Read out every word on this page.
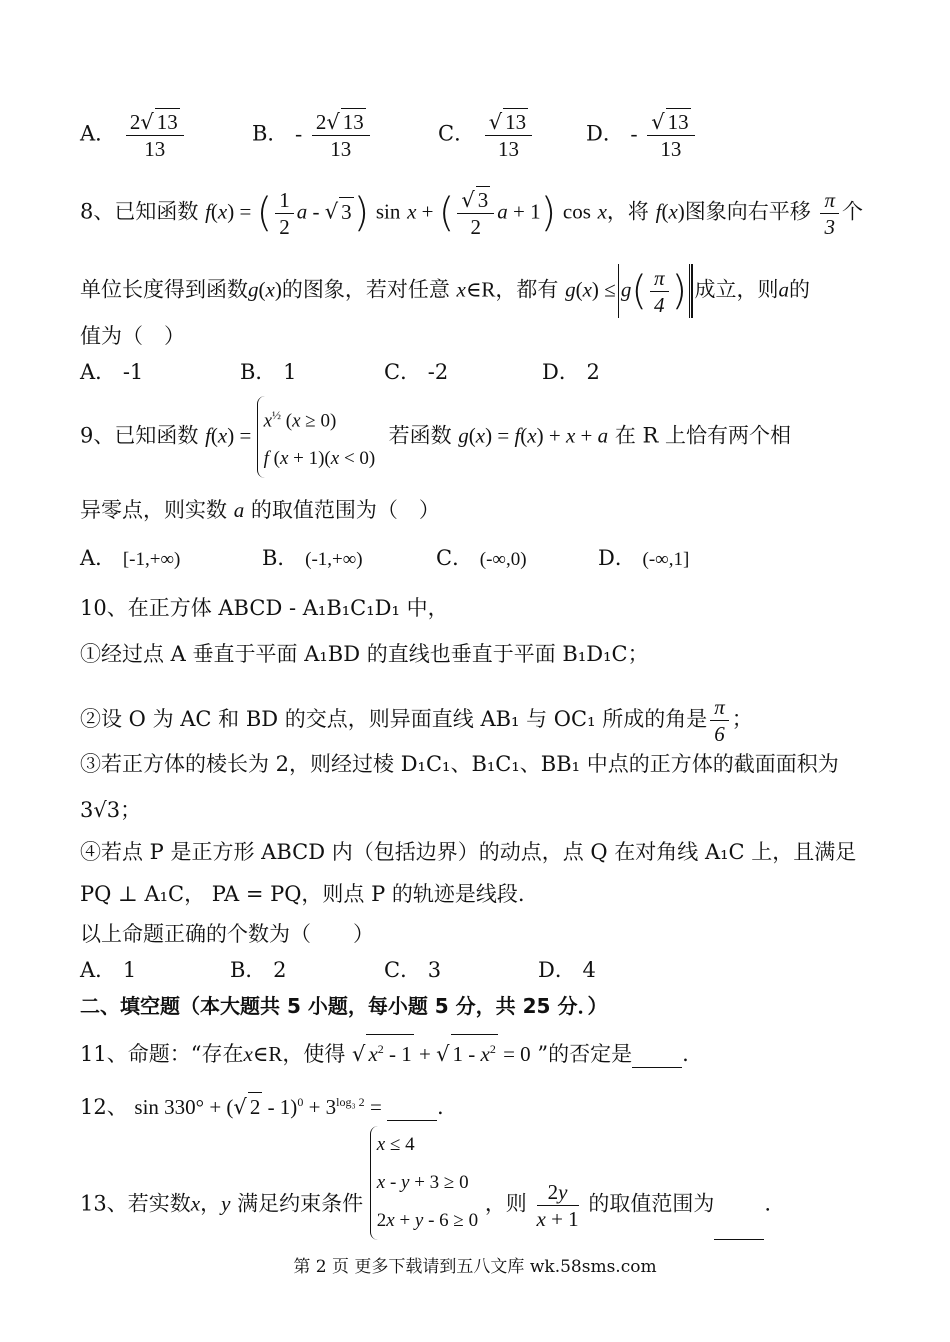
A． $\frac{2√ 13}{13}$	B． - $\frac{2√ 13}{13}$	C． $\frac{√ 13}{13}$	D． - $\frac{√ 13}{13}$
8、已知函数 f(x) = ( $\frac{1}{2}$ a - √ 3) sin x + ( $\frac{√ 3}{2}$ a + 1) cos x，将 f(x)图象向右平移 $\frac{\pi}{3}$ 个
单位长度得到函数g(x)的图象，若对任意 x∈R，都有 $g(x) \le g( \frac{\pi}{4}$ ) 成立，则a的
值为（　）
A． -1	B． 1	C． -2	D． 2
9、已知函数 f(x) =
$x^{\frac{1}{2}}$ (x ≥ 0)
f (x + 1)(x < 0)
若函数 g(x) = f(x) + x + a 在 R 上恰有两个相
异零点，则实数 a 的取值范围为（　）
A． [-1,+∞)	B． (-1,+∞)	C． (-∞,0)	D． (-∞,1]
10、在正方体 ABCD - A₁B₁C₁D₁ 中，
①经过点 A 垂直于平面 A₁BD 的直线也垂直于平面 B₁D₁C；
②设 O 为 AC 和 BD 的交点，则异面直线 AB₁ 与 OC₁ 所成的角是 $\frac{\pi}{6}$ ；
③若正方体的棱长为 2，则经过棱 D₁C₁、B₁C₁、BB₁ 中点的正方体的截面面积为
3√3；
④若点 P 是正方形 ABCD 内（包括边界）的动点，点 Q 在对角线 A₁C 上，且满足
PQ ⊥ A₁C， PA = PQ，则点 P 的轨迹是线段.
以上命题正确的个数为（　　）
A． 1	B． 2	C． 3	D． 4
二、填空题（本大题共 5 小题，每小题 5 分，共 25 分．）
11、命题：“存在x∈R，使得 √ $x^2 - 1$ + √ $1 - x^2 = 0$ ”的否定是 .
12、 sin 330° + (√ $2 - 1)^0 + 3^{log_3 2}$ = .
13、若实数x，y 满足约束条件
x ≤ 4
x - y + 3 ≥ 0
2x + y - 6 ≥ 0
，则 $\frac{2y}{x + 1}$ 的取值范围为 .
第 2 页 更多下载请到五八文库 wk.58sms.com
